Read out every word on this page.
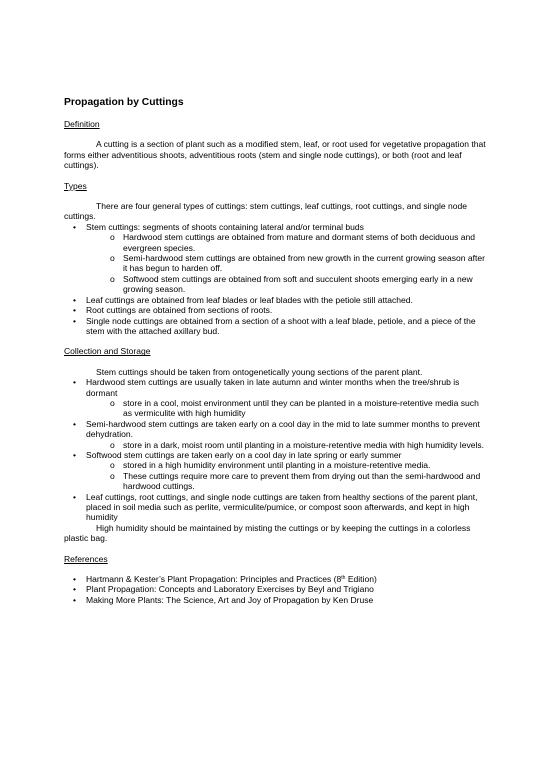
Propagation by Cuttings
Definition
A cutting is a section of plant such as a modified stem, leaf, or root used for vegetative propagation that forms either adventitious shoots, adventitious roots (stem and single node cuttings), or both (root and leaf cuttings).
Types
There are four general types of cuttings: stem cuttings, leaf cuttings, root cuttings, and single node cuttings.
• Stem cuttings: segments of shoots containing lateral and/or terminal buds
o Hardwood stem cuttings are obtained from mature and dormant stems of both deciduous and evergreen species.
o Semi-hardwood stem cuttings are obtained from new growth in the current growing season after it has begun to harden off.
o Softwood stem cuttings are obtained from soft and succulent shoots emerging early in a new growing season.
• Leaf cuttings are obtained from leaf blades or leaf blades with the petiole still attached.
• Root cuttings are obtained from sections of roots.
• Single node cuttings are obtained from a section of a shoot with a leaf blade, petiole, and a piece of the stem with the attached axillary bud.
Collection and Storage
Stem cuttings should be taken from ontogenetically young sections of the parent plant.
• Hardwood stem cuttings are usually taken in late autumn and winter months when the tree/shrub is dormant
o store in a cool, moist environment until they can be planted in a moisture-retentive media such as vermiculite with high humidity
• Semi-hardwood stem cuttings are taken early on a cool day in the mid to late summer months to prevent dehydration.
o store in a dark, moist room until planting in a moisture-retentive media with high humidity levels.
• Softwood stem cuttings are taken early on a cool day in late spring or early summer
o stored in a high humidity environment until planting in a moisture-retentive media.
o These cuttings require more care to prevent them from drying out than the semi-hardwood and hardwood cuttings.
• Leaf cuttings, root cuttings, and single node cuttings are taken from healthy sections of the parent plant, placed in soil media such as perlite, vermiculite/pumice, or compost soon afterwards, and kept in high humidity
High humidity should be maintained by misting the cuttings or by keeping the cuttings in a colorless plastic bag.
References
• Hartmann & Kester’s Plant Propagation: Principles and Practices (8th Edition)
• Plant Propagation: Concepts and Laboratory Exercises by Beyl and Trigiano
• Making More Plants: The Science, Art and Joy of Propagation by Ken Druse
